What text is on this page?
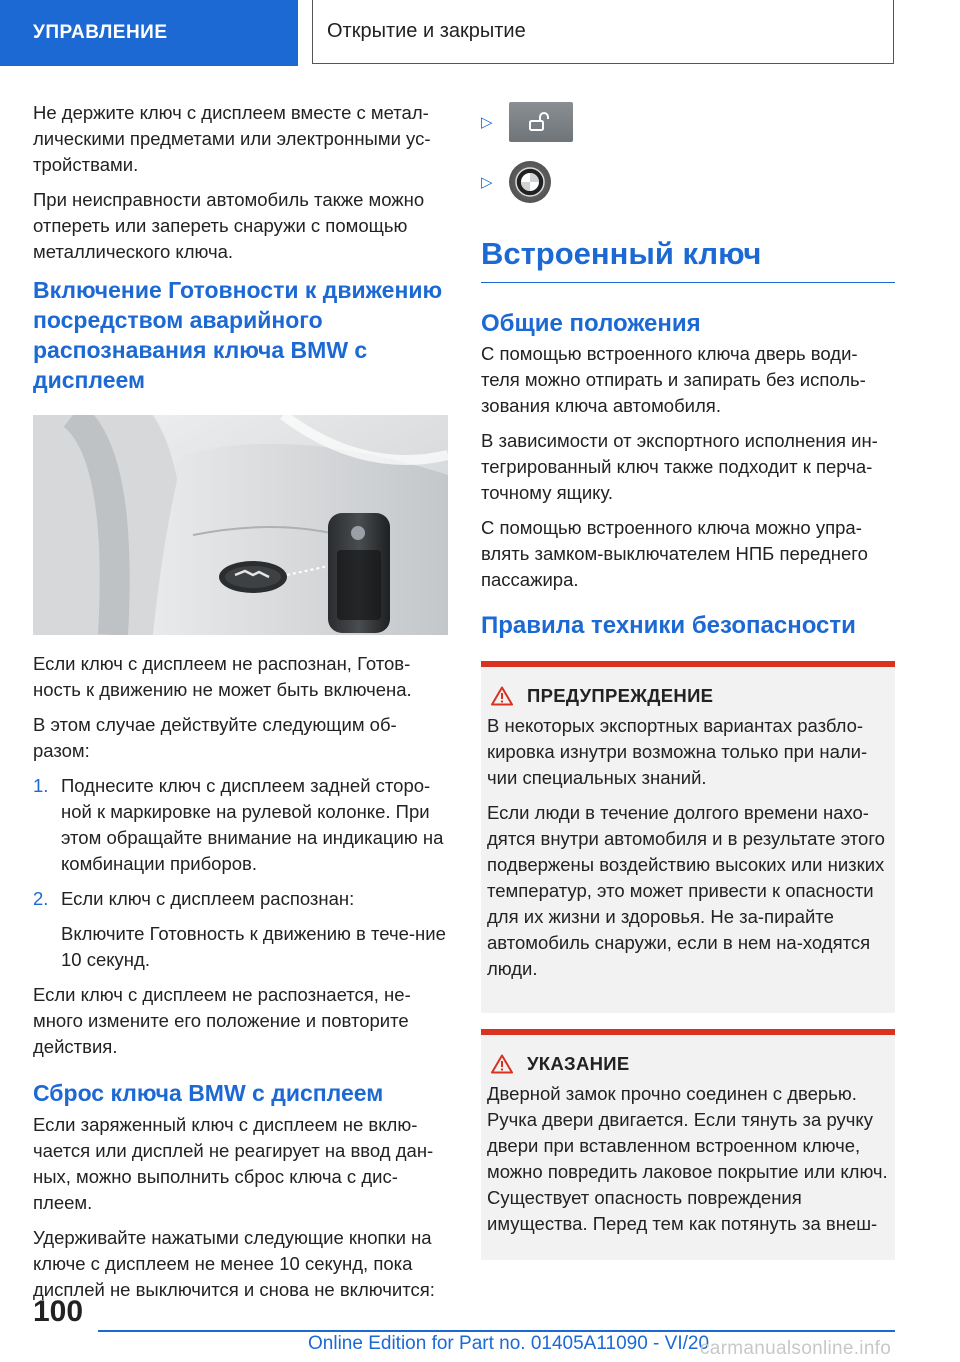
УПРАВЛЕНИЕ	Открытие и закрытие

Не держите ключ с дисплеем вместе с метал-лическими предметами или электронными ус-тройствами.

При неисправности автомобиль также можно отпереть или запереть снаружи с помощью металлического ключа.

Включение Готовности к движению посредством аварийного распознавания ключа BMW с дисплеем

Если ключ с дисплеем не распознан, Готов-ность к движению не может быть включена.

В этом случае действуйте следующим об-разом:

1. Поднесите ключ с дисплеем задней сторо-ной к маркировке на рулевой колонке. При этом обращайте внимание на индикацию на комбинации приборов.
2. Если ключ с дисплеем распознан:
Включите Готовность к движению в тече-ние 10 секунд.

Если ключ с дисплеем не распознается, не-много измените его положение и повторите действия.

Сброс ключа BMW с дисплеем

Если заряженный ключ с дисплеем не вклю-чается или дисплей не реагирует на ввод дан-ных, можно выполнить сброс ключа с дис-плеем.

Удерживайте нажатыми следующие кнопки на ключе с дисплеем не менее 10 секунд, пока дисплей не выключится и снова не включится:

▷
▷
Встроенный ключ
Общие положения

С помощью встроенного ключа дверь води-теля можно отпирать и запирать без исполь-зования ключа автомобиля.

В зависимости от экспортного исполнения ин-тегрированный ключ также подходит к перча-точному ящику.

С помощью встроенного ключа можно упра-влять замком-выключателем НПБ переднего пассажира.

Правила техники безопасности
ПРЕДУПРЕЖДЕНИЕ

В некоторых экспортных вариантах разбло-кировка изнутри возможна только при нали-чии специальных знаний.

Если люди в течение долгого времени нахо-дятся внутри автомобиля и в результате этого подвержены воздействию высоких или низких температур, это может привести к опасности для их жизни и здоровья. Не за-пирайте автомобиль снаружи, если в нем на-ходятся люди.

УКАЗАНИЕ

Дверной замок прочно соединен с дверью. Ручка двери двигается. Если тянуть за ручку двери при вставленном встроенном ключе, можно повредить лаковое покрытие или ключ. Существует опасность повреждения имущества. Перед тем как потянуть за внеш-

100
Online Edition for Part no. 01405A11090 - VI/20
carmanualsonline.info
